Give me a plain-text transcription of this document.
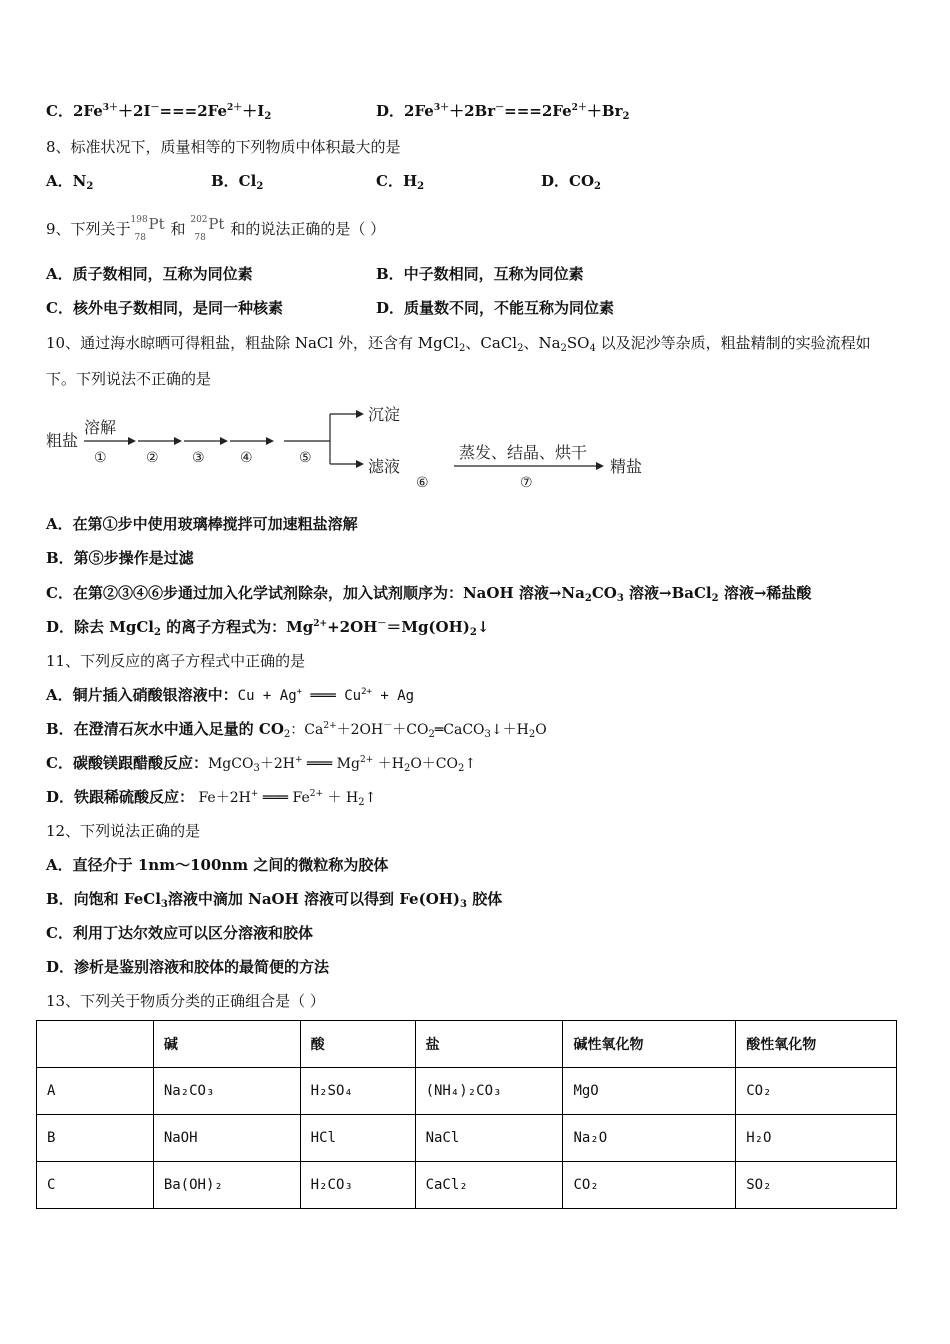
C．$2Fe^{3+}+2I^-===2Fe^{2+}+I_2$	D．$2Fe^{3+}+2Br^-===2Fe^{2+}+Br_2$
8、标准状况下，质量相等的下列物质中体积最大的是
A．$N_2$	B．$Cl_2$	C．$H_2$	D．$CO_2$
9、下列关于 198
78
Pt 和 202
78
Pt 和的说法正确的是（ ）
A．质子数相同，互称为同位素	B．中子数相同，互称为同位素
C．核外电子数相同，是同一种核素	D．质量数不同，不能互称为同位素
10、通过海水晾晒可得粗盐，粗盐除 NaCl 外，还含有 MgCl$_2$、CaCl$_2$、$Na_2SO_4$ 以及泥沙等杂质，粗盐精制的实验流程如
下。下列说法不正确的是
粗盐
溶解
①	② ③	④	⑤
沉淀
滤液
⑥
蒸发、结晶、烘干
⑦
精盐
A．在第①步中使用玻璃棒搅拌可加速粗盐溶解
B．第⑤步操作是过滤
C．在第②③④⑥步通过加入化学试剂除杂，加入试剂顺序为：NaOH 溶液$\to Na_2CO_3$ 溶液→BaCl$_2$ 溶液→稀盐酸
D．除去 MgCl$_2$ 的离子方程式为：$Mg^{2+}+2OH^-=Mg(OH)_2↓$
11、下列反应的离子方程式中正确的是
A．铜片插入硝酸银溶液中：Cu + Ag+ ═══ $Cu^{2+} + Ag$
B．在澄清石灰水中通入足量的 $CO_2$：$Ca^{2+}+2OH^-+CO_2═CaCO_3↓+H_2O$
C．碳酸镁跟醋酸反应：MgCO$_3$＋2H+ ═══ $Mg^{2+}$ $+H_2O+CO_2↑$
D．铁跟稀硫酸反应： Fe＋2H+ ═══ $Fe^{2+}$ ＋ $H_2↑$
12、下列说法正确的是
A．直径介于 1nm～100nm 之间的微粒称为胶体
B．向饱和 FeCl$_3$溶液中滴加 NaOH 溶液可以得到 $Fe(OH)_3$ 胶体
C．利用丁达尔效应可以区分溶液和胶体
D．渗析是鉴别溶液和胶体的最简便的方法
13、下列关于物质分类的正确组合是（ ）
	碱	酸	盐	碱性氧化物	酸性氧化物
A	Na₂CO₃	H₂SO₄	(NH₄)₂CO₃	MgO	CO₂
B	NaOH	HCl	NaCl	Na₂O	H₂O
C	Ba(OH)₂	H₂CO₃	CaCl₂	CO₂	SO₂
